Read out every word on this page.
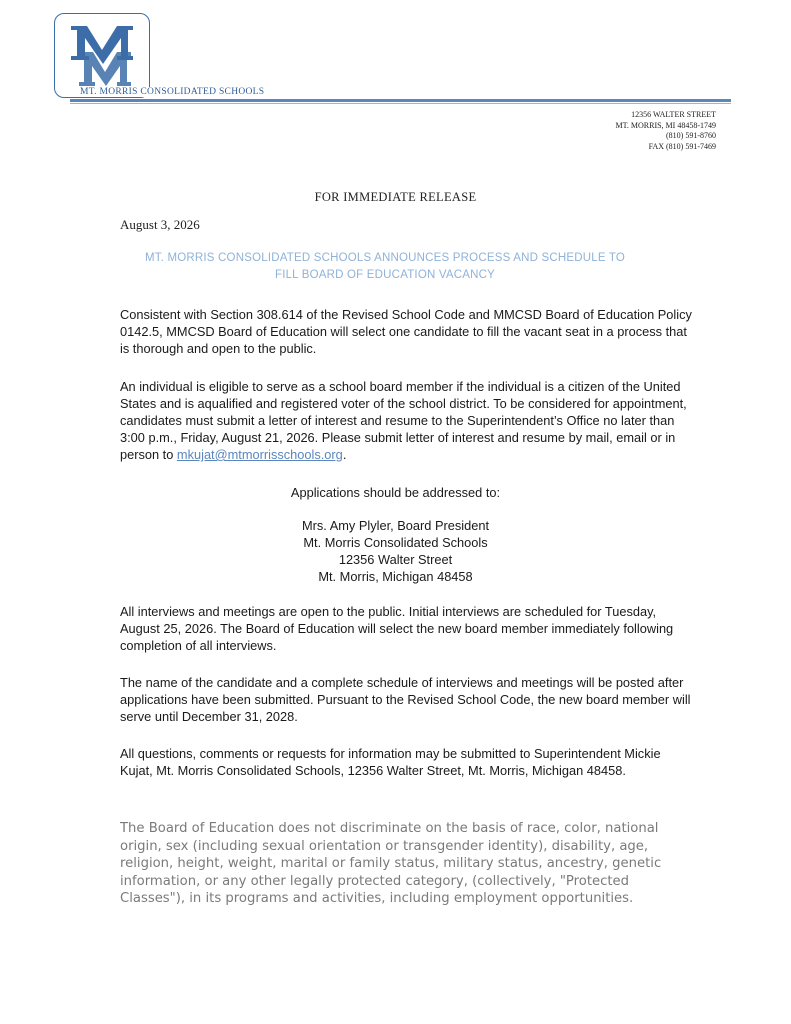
MT. MORRIS CONSOLIDATED SCHOOLS
12356 WALTER STREET
MT. MORRIS, MI 48458-1749
(810) 591-8760
FAX (810) 591-7469
FOR IMMEDIATE RELEASE
August 3, 2026
MT. MORRIS CONSOLIDATED SCHOOLS ANNOUNCES PROCESS AND SCHEDULE TO
FILL BOARD OF EDUCATION VACANCY
Consistent with Section 308.614 of the Revised School Code and MMCSD Board of Education Policy 0142.5, MMCSD Board of Education will select one candidate to fill the vacant seat in a process that is thorough and open to the public.
An individual is eligible to serve as a school board member if the individual is a citizen of the United States and is aqualified and registered voter of the school district. To be considered for appointment, candidates must submit a letter of interest and resume to the Superintendent’s Office no later than 3:00 p.m., Friday, August 21, 2026. Please submit letter of interest and resume by mail, email or in person to mkujat@mtmorrisschools.org.
Applications should be addressed to:
Mrs. Amy Plyler, Board President
Mt. Morris Consolidated Schools
12356 Walter Street
Mt. Morris, Michigan 48458
All interviews and meetings are open to the public. Initial interviews are scheduled for Tuesday, August 25, 2026. The Board of Education will select the new board member immediately following completion of all interviews.
The name of the candidate and a complete schedule of interviews and meetings will be posted after applications have been submitted. Pursuant to the Revised School Code, the new board member will serve until December 31, 2028.
All questions, comments or requests for information may be submitted to Superintendent Mickie Kujat, Mt. Morris Consolidated Schools, 12356 Walter Street, Mt. Morris, Michigan 48458.
The Board of Education does not discriminate on the basis of race, color, national origin, sex (including sexual orientation or transgender identity), disability, age, religion, height, weight, marital or family status, military status, ancestry, genetic information, or any other legally protected category, (collectively, "Protected Classes"), in its programs and activities, including employment opportunities.
